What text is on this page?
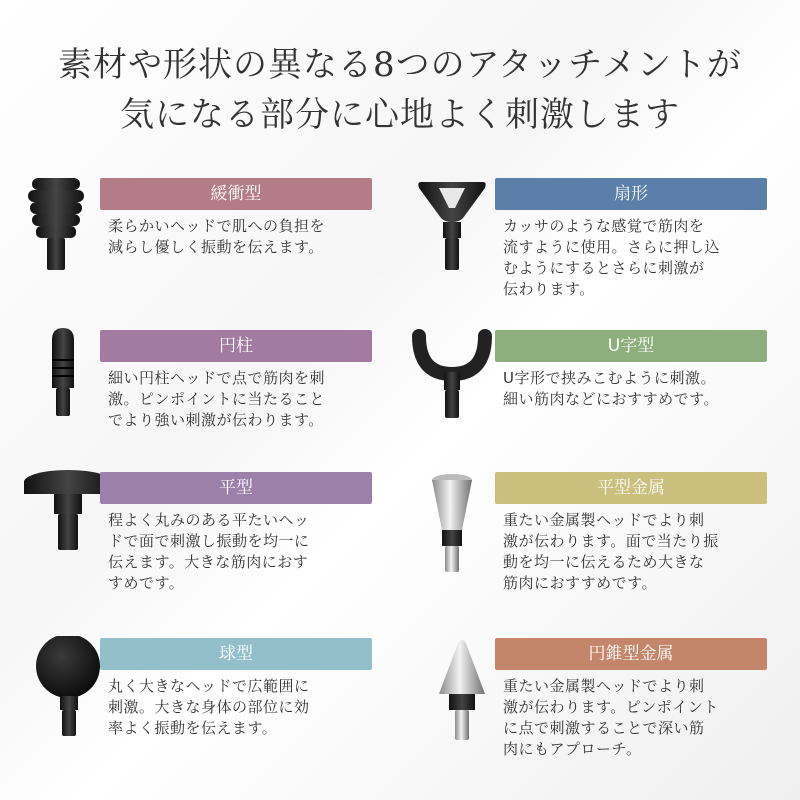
素材や形状の異なる8つのアタッチメントが
気になる部分に心地よく刺激します
緩衝型
柔らかいヘッドで肌への負担を
減らし優しく振動を伝えます。
扇形
カッサのような感覚で筋肉を
流すように使用。さらに押し込
むようにするとさらに刺激が
伝わります。
円柱
細い円柱ヘッドで点で筋肉を刺
激。ピンポイントに当たること
でより強い刺激が伝わります。
U字型
U字形で挟みこむように刺激。
細い筋肉などにおすすめです。
平型
程よく丸みのある平たいヘッ
ドで面で刺激し振動を均一に
伝えます。大きな筋肉におす
すめです。
平型金属
重たい金属製ヘッドでより刺
激が伝わります。面で当たり振
動を均一に伝えるため大きな
筋肉におすすめです。
球型
丸く大きなヘッドで広範囲に
刺激。大きな身体の部位に効
率よく振動を伝えます。
円錐型金属
重たい金属製ヘッドでより刺
激が伝わります。ピンポイント
に点で刺激することで深い筋
肉にもアプローチ。
